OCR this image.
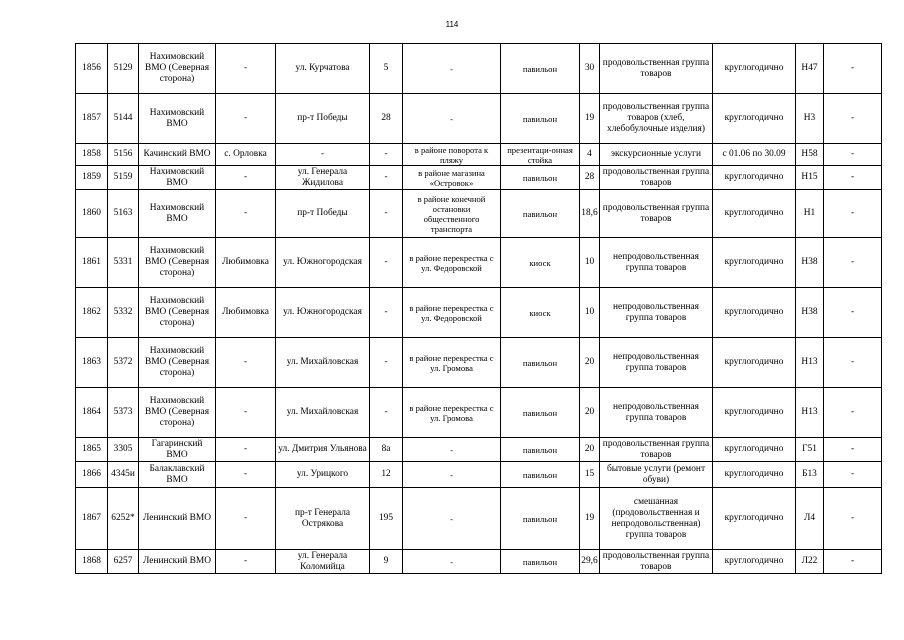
114
1856	5129	Нахимовский ВМО (Северная сторона)	-	ул. Курчатова	5	-	павильон	30	продовольственная группа товаров	круглогодично	Н47	-
1857	5144	Нахимовский ВМО	-	пр-т Победы	28	-	павильон	19	продовольственная группа товаров (хлеб, хлебобулочные изделия)	круглогодично	Н3	-
1858	5156	Качинский ВМО	с. Орловка	-	-	в районе поворота к пляжу	презентаци-онная стойка	4	экскурсионные услуги	с 01.06 по 30.09	Н58	-
1859	5159	Нахимовский ВМО	-	ул. Генерала Жидилова	-	в районе магазина «Островок»	павильон	28	продовольственная группа товаров	круглогодично	Н15	-
1860	5163	Нахимовский ВМО	-	пр-т Победы	-	в районе конечной остановки общественного транспорта	павильон	18,6	продовольственная группа товаров	круглогодично	Н1	-
1861	5331	Нахимовский ВМО (Северная сторона)	Любимовка	ул. Южногородская	-	в районе перекрестка с ул. Федоровской	киоск	10	непродовольственная группа товаров	круглогодично	Н38	-
1862	5332	Нахимовский ВМО (Северная сторона)	Любимовка	ул. Южногородская	-	в районе перекрестка с ул. Федоровской	киоск	10	непродовольственная группа товаров	круглогодично	Н38	-
1863	5372	Нахимовский ВМО (Северная сторона)	-	ул. Михайловская	-	в районе перекрестка с ул. Громова	павильон	20	непродовольственная группа товаров	круглогодично	Н13	-
1864	5373	Нахимовский ВМО (Северная сторона)	-	ул. Михайловская	-	в районе перекрестка с ул. Громова	павильон	20	непродовольственная группа товаров	круглогодично	Н13	-
1865	3305	Гагаринский ВМО	-	ул. Дмитрия Ульянова	8а	-	павильон	20	продовольственная группа товаров	круглогодично	Г51	-
1866	4345и	Балаклавский ВМО	-	ул. Урицкого	12	-	павильон	15	бытовые услуги (ремонт обуви)	круглогодично	Б13	-
1867	6252*	Ленинский ВМО	-	пр-т Генерала Острякова	195	-	павильон	19	смешанная (продовольственная и непродовольственная) группа товаров	круглогодично	Л4	-
1868	6257	Ленинский ВМО	-	ул. Генерала Коломийца	9	-	павильон	29,6	продовольственная группа товаров	круглогодично	Л22	-
